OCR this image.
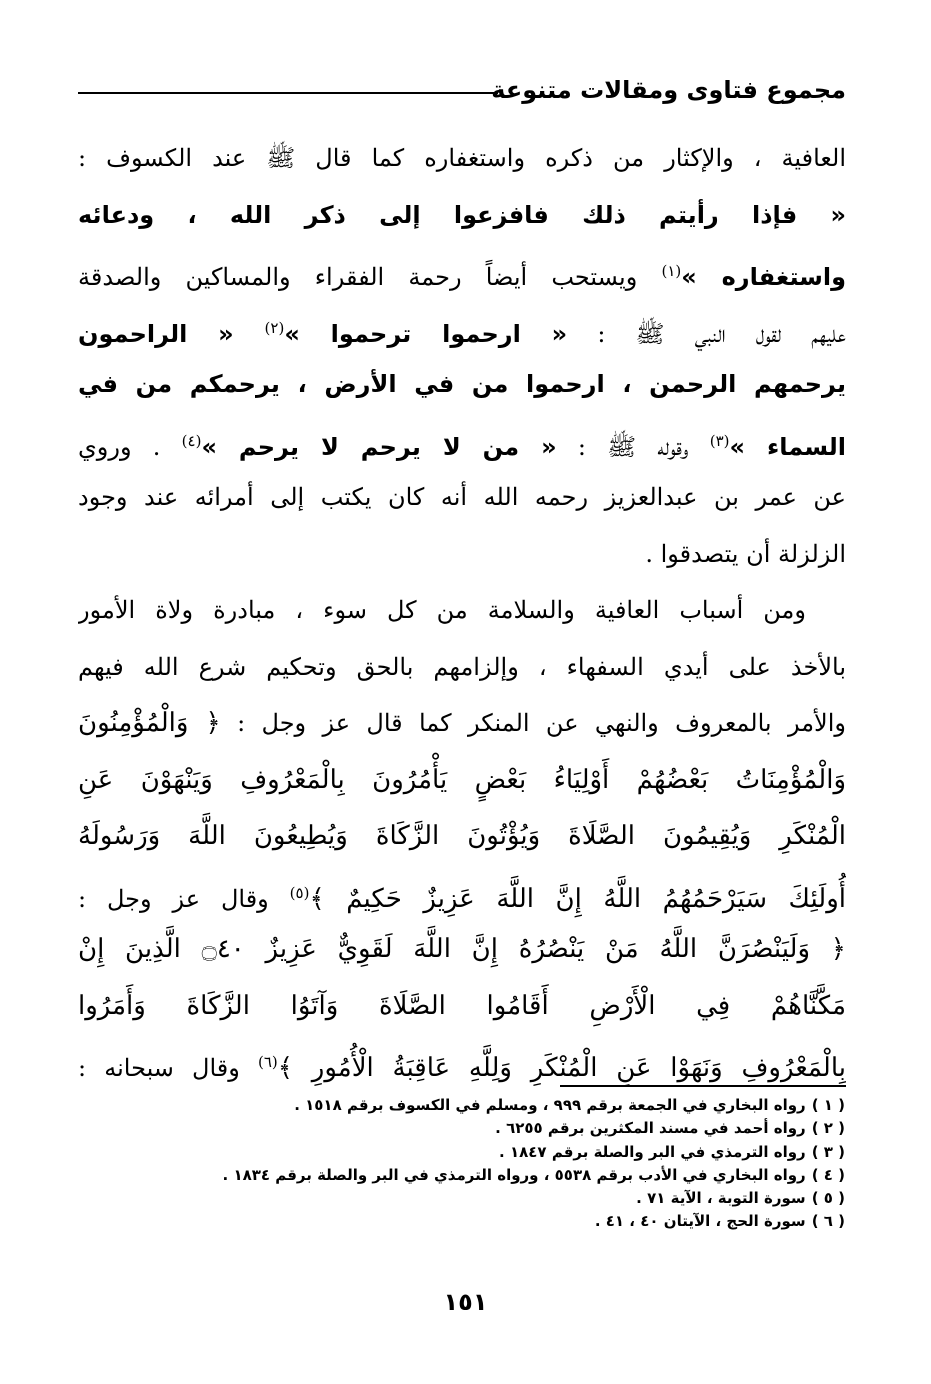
مجموع فتاوى ومقالات متنوعة
العافية ، والإكثار من ذكره واستغفاره كما قال ﷺ عند الكسوف :
« فإذا رأيتم ذلك فافزعوا إلى ذكر الله ، ودعائه
واستغفاره »$^{(١)}$ ويستحب أيضاً رحمة الفقراء والمساكين والصدقة
عليهم لقول النبي ﷺ : « ارحموا ترحموا »$^{(٢)}$ « الراحمون
يرحمهم الرحمن ، ارحموا من في الأرض ، يرحمكم من في
السماء »$^{(٣)}$ وقوله ﷺ : « من لا يرحم لا يرحم »$^{(٤)}$ . وروي
عن عمر بن عبدالعزيز رحمه الله أنه كان يكتب إلى أمرائه عند وجود
الزلزلة أن يتصدقوا .
ومن أسباب العافية والسلامة من كل سوء ، مبادرة ولاة الأمور
بالأخذ على أيدي السفهاء ، وإلزامهم بالحق وتحكيم شرع الله فيهم
والأمر بالمعروف والنهي عن المنكر كما قال عز وجل : ﴿ وَالْمُؤْمِنُونَ
وَالْمُؤْمِنَاتُ بَعْضُهُمْ أَوْلِيَاءُ بَعْضٍ يَأْمُرُونَ بِالْمَعْرُوفِ وَيَنْهَوْنَ عَنِ
الْمُنْكَرِ وَيُقِيمُونَ الصَّلَاةَ وَيُؤْتُونَ الزَّكَاةَ وَيُطِيعُونَ اللَّهَ وَرَسُولَهُ
أُولَئِكَ سَيَرْحَمُهُمُ اللَّهُ إِنَّ اللَّهَ عَزِيزٌ حَكِيمٌ ﴾$^{(٥)}$ وقال عز وجل :
﴿ وَلَيَنْصُرَنَّ اللَّهُ مَنْ يَنْصُرُهُ إِنَّ اللَّهَ لَقَوِيٌّ عَزِيزٌ ۝٤٠ الَّذِينَ إِنْ
مَكَّنَّاهُمْ فِي الْأَرْضِ أَقَامُوا الصَّلَاةَ وَآتَوُا الزَّكَاةَ وَأَمَرُوا
بِالْمَعْرُوفِ وَنَهَوْا عَنِ الْمُنْكَرِ وَلِلَّهِ عَاقِبَةُ الْأُمُورِ ﴾$^{(٦)}$ وقال سبحانه :
( ١ )رواه البخاري في الجمعة برقم ٩٩٩ ، ومسلم في الكسوف برقم ١٥١٨ .
( ٢ )رواه أحمد في مسند المكثرين برقم ٦٢٥٥ .
( ٣ )رواه الترمذي في البر والصلة برقم ١٨٤٧ .
( ٤ )رواه البخاري في الأدب برقم ٥٥٣٨ ، ورواه الترمذي في البر والصلة برقم ١٨٣٤ .
( ٥ )سورة التوبة ، الآية ٧١ .
( ٦ )سورة الحج ، الآيتان ٤٠ ، ٤١ .
١٥١
